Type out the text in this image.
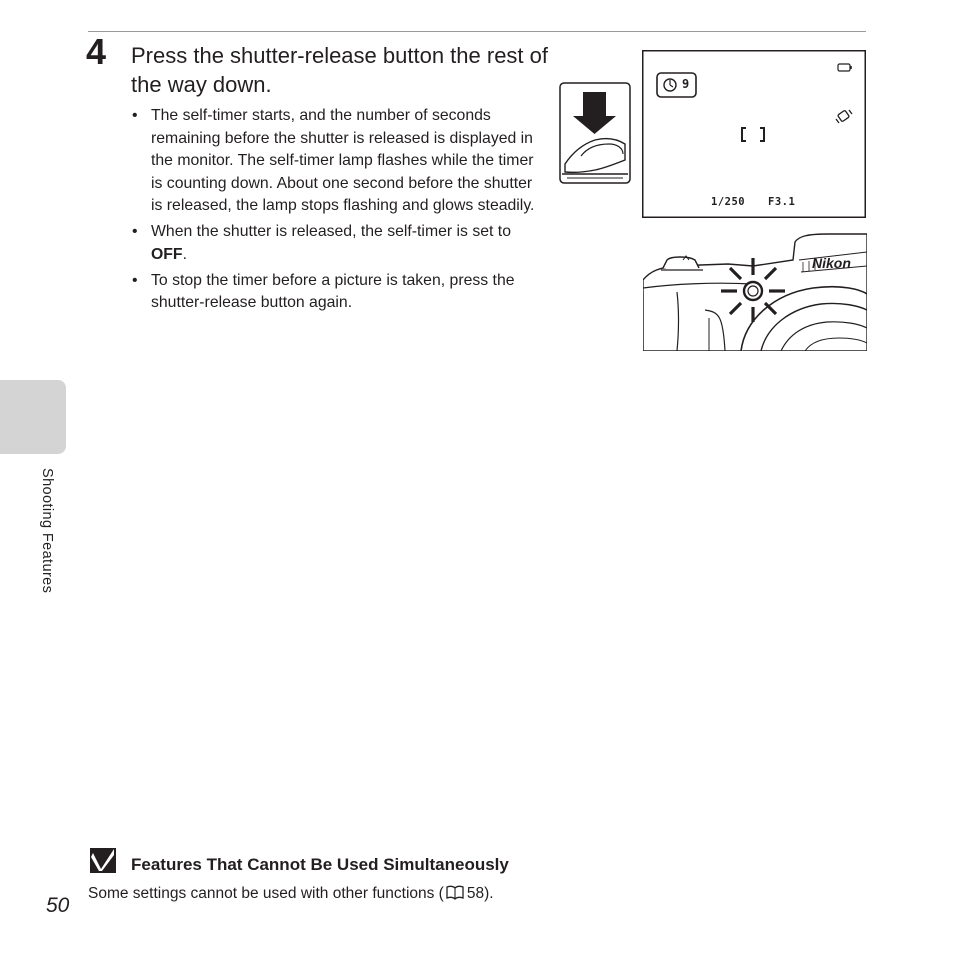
4 Press the shutter-release button the rest of the way down.
• The self-timer starts, and the number of seconds remaining before the shutter is released is displayed in the monitor. The self-timer lamp flashes while the timer is counting down. About one second before the shutter is released, the lamp stops flashing and glows steadily.
• When the shutter is released, the self-timer is set to OFF.
• To stop the timer before a picture is taken, press the shutter-release button again.
9
1/250 F3.1
Nikon
Shooting Features
Features That Cannot Be Used Simultaneously
Some settings cannot be used with other functions ( 58).
50
